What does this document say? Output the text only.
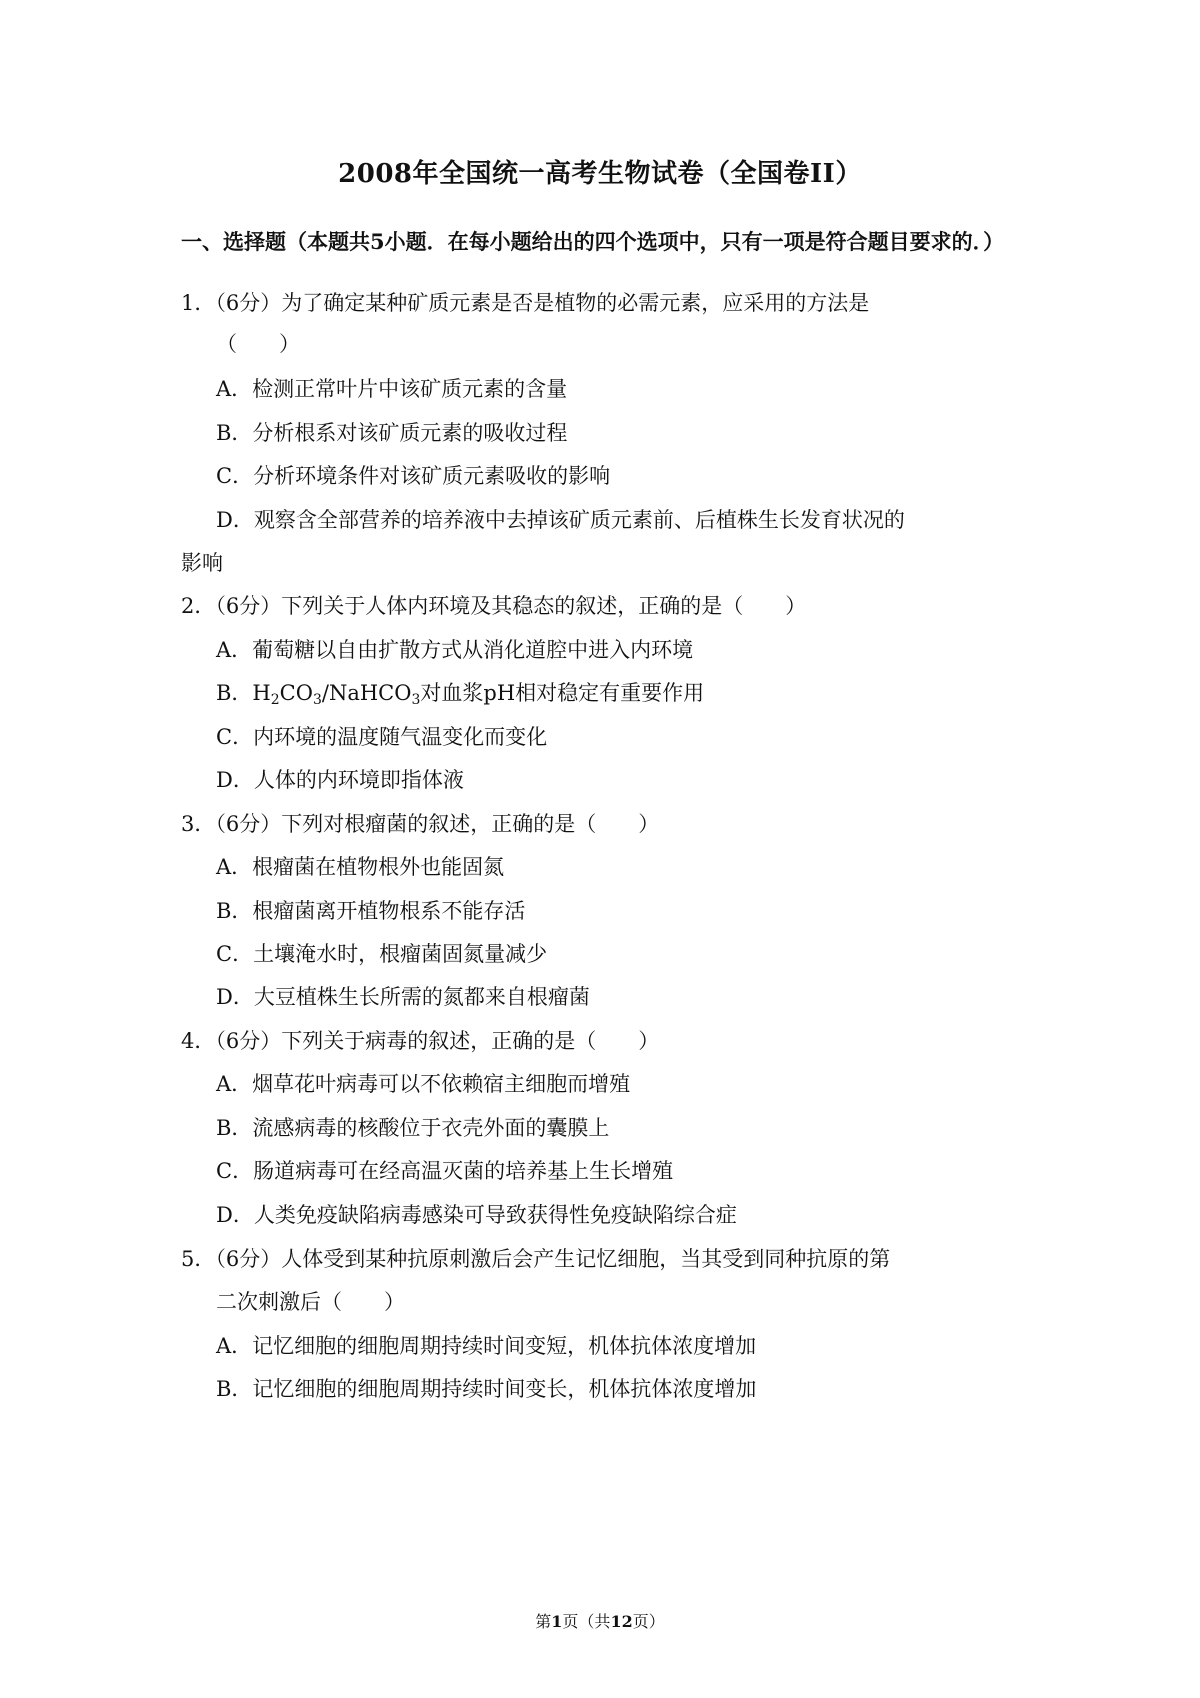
2008年全国统一高考生物试卷（全国卷II）
一、选择题（本题共5小题．在每小题给出的四个选项中，只有一项是符合题目要求的．）
1．（6分）为了确定某种矿质元素是否是植物的必需元素，应采用的方法是
（　　）
A．检测正常叶片中该矿质元素的含量
B．分析根系对该矿质元素的吸收过程
C．分析环境条件对该矿质元素吸收的影响
D．观察含全部营养的培养液中去掉该矿质元素前、后植株生长发育状况的
影响
2．（6分）下列关于人体内环境及其稳态的叙述，正确的是（　　）
A．葡萄糖以自由扩散方式从消化道腔中进入内环境
B．$H_2CO_3/NaHCO_3$对血浆pH相对稳定有重要作用
C．内环境的温度随气温变化而变化
D．人体的内环境即指体液
3．（6分）下列对根瘤菌的叙述，正确的是（　　）
A．根瘤菌在植物根外也能固氮
B．根瘤菌离开植物根系不能存活
C．土壤淹水时，根瘤菌固氮量减少
D．大豆植株生长所需的氮都来自根瘤菌
4．（6分）下列关于病毒的叙述，正确的是（　　）
A．烟草花叶病毒可以不依赖宿主细胞而增殖
B．流感病毒的核酸位于衣壳外面的囊膜上
C．肠道病毒可在经高温灭菌的培养基上生长增殖
D．人类免疫缺陷病毒感染可导致获得性免疫缺陷综合症
5．（6分）人体受到某种抗原刺激后会产生记忆细胞，当其受到同种抗原的第
二次刺激后（　　）
A．记忆细胞的细胞周期持续时间变短，机体抗体浓度增加
B．记忆细胞的细胞周期持续时间变长，机体抗体浓度增加
第1页（共12页）
